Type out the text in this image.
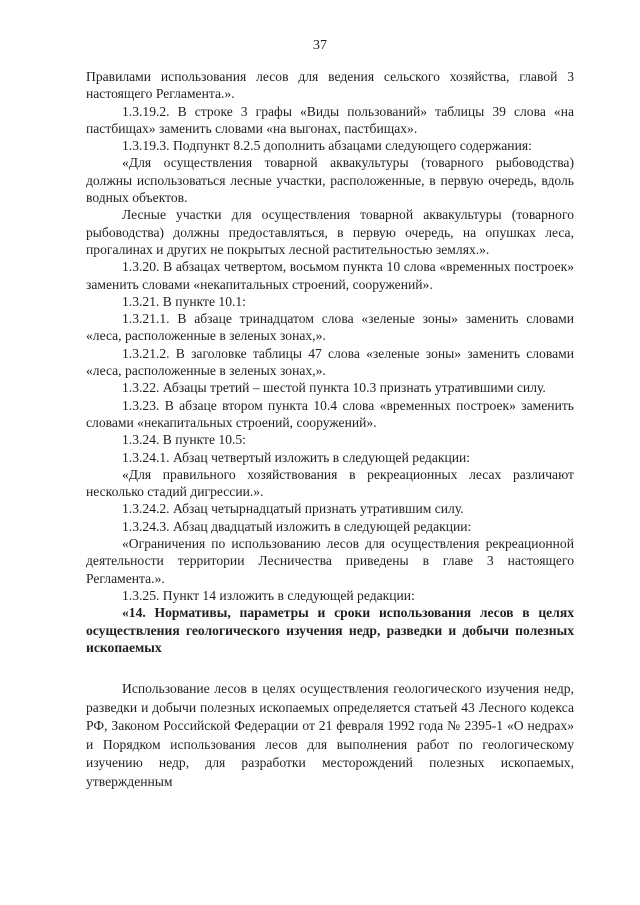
37

Правилами использования лесов для ведения сельского хозяйства, главой 3 настоящего Регламента.».

1.3.19.2. В строке 3 графы «Виды пользований» таблицы 39 слова «на пастбищах» заменить словами «на выгонах, пастбищах».

1.3.19.3. Подпункт 8.2.5 дополнить абзацами следующего содержания:

«Для осуществления товарной аквакультуры (товарного рыбоводства) должны использоваться лесные участки, расположенные, в первую очередь, вдоль водных объектов.

Лесные участки для осуществления товарной аквакультуры (товарного рыбоводства) должны предоставляться, в первую очередь, на опушках леса, прогалинах и других не покрытых лесной растительностью землях.».

1.3.20. В абзацах четвертом, восьмом пункта 10 слова «временных построек» заменить словами «некапитальных строений, сооружений».

1.3.21. В пункте 10.1:

1.3.21.1. В абзаце тринадцатом слова «зеленые зоны» заменить словами «леса, расположенные в зеленых зонах,».

1.3.21.2. В заголовке таблицы 47 слова «зеленые зоны» заменить словами «леса, расположенные в зеленых зонах,».

1.3.22. Абзацы третий – шестой пункта 10.3 признать утратившими силу.

1.3.23. В абзаце втором пункта 10.4 слова «временных построек» заменить словами «некапитальных строений, сооружений».

1.3.24. В пункте 10.5:

1.3.24.1. Абзац четвертый изложить в следующей редакции:

«Для правильного хозяйствования в рекреационных лесах различают несколько стадий дигрессии.».

1.3.24.2. Абзац четырнадцатый признать утратившим силу.

1.3.24.3. Абзац двадцатый изложить в следующей редакции:

«Ограничения по использованию лесов для осуществления рекреационной деятельности территории Лесничества приведены в главе 3 настоящего Регламента.».

1.3.25. Пункт 14 изложить в следующей редакции:

«14. Нормативы, параметры и сроки использования лесов в целях осуществления геологического изучения недр, разведки и добычи полезных ископаемых

Использование лесов в целях осуществления геологического изучения недр, разведки и добычи полезных ископаемых определяется статьей 43 Лесного кодекса РФ, Законом Российской Федерации от 21 февраля 1992 года № 2395-1 «О недрах» и Порядком использования лесов для выполнения работ по геологическому изучению недр, для разработки месторождений полезных ископаемых, утвержденным
